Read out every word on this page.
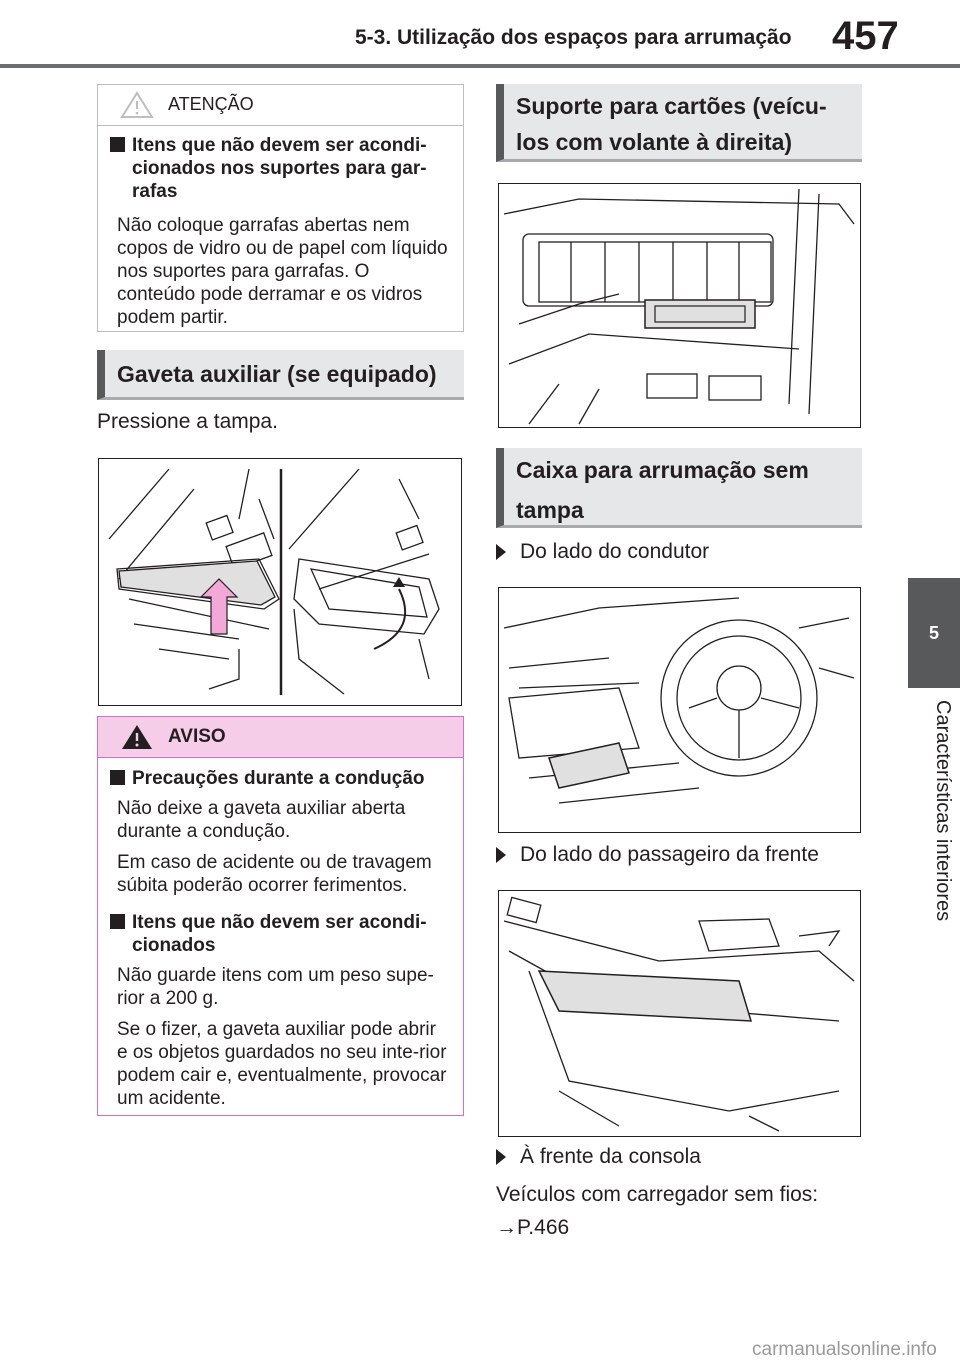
5-3. Utilização dos espaços para arrumação 457
5
Características interiores
ATENÇÃO
Itens que não devem ser acondi-cionados nos suportes para gar-rafas
Não coloque garrafas abertas nem copos de vidro ou de papel com líquido nos suportes para garrafas. O conteúdo pode derramar e os vidros podem partir.
Gaveta auxiliar (se equipado)
Pressione a tampa.
AVISO
Precauções durante a condução
Não deixe a gaveta auxiliar aberta durante a condução.
Em caso de acidente ou de travagem súbita poderão ocorrer ferimentos.
Itens que não devem ser acondi-cionados
Não guarde itens com um peso supe-rior a 200 g.
Se o fizer, a gaveta auxiliar pode abrir e os objetos guardados no seu inte-rior podem cair e, eventualmente, provocar um acidente.
Suporte para cartões (veícu-los com volante à direita)
Caixa para arrumação sem tampa
Do lado do condutor
Do lado do passageiro da frente
À frente da consola
Veículos com carregador sem fios:
→P.466
carmanualsonline.info
